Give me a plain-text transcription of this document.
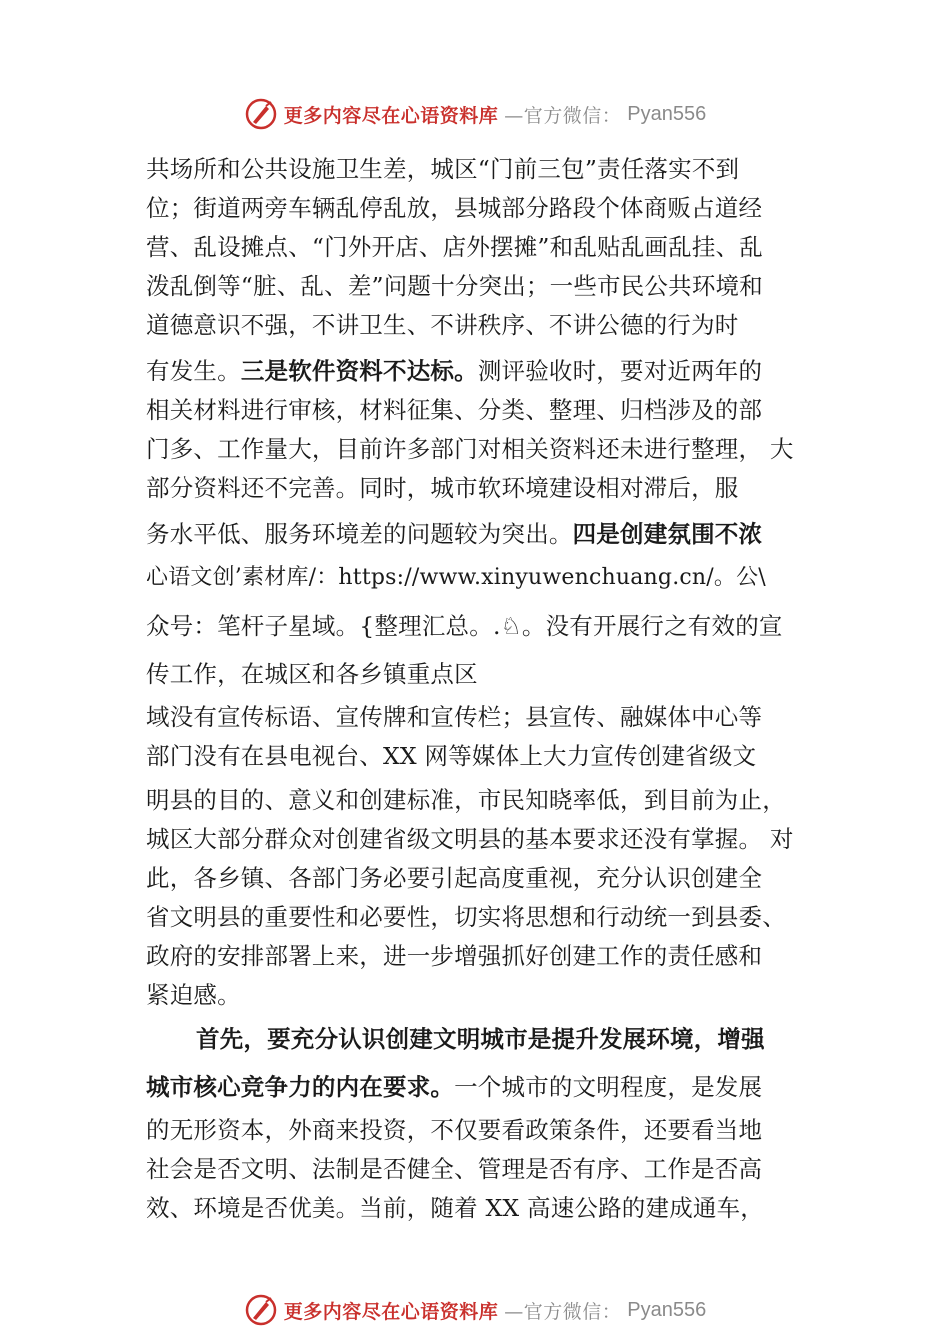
更多内容尽在心语资料库 —官方微信： Pyan556
共场所和公共设施卫生差，城区“门前三包”责任落实不到
位；街道两旁车辆乱停乱放，县城部分路段个体商贩占道经
营、乱设摊点、“门外开店、店外摆摊”和乱贴乱画乱挂、乱
泼乱倒等“脏、乱、差”问题十分突出；一些市民公共环境和
道德意识不强，不讲卫生、不讲秩序、不讲公德的行为时
有发生。三是软件资料不达标。测评验收时，要对近两年的
相关材料进行审核，材料征集、分类、整理、归档涉及的部
门多、工作量大，目前许多部门对相关资料还未进行整理， 大
部分资料还不完善。同时，城市软环境建设相对滞后，服
务水平低、服务环境差的问题较为突出。四是创建氛围不浓
心语文创’素材库/：https://www.xinyuwenchuang.cn/。公\
众号：笔杆子星域。{整理汇总。.♘。没有开展行之有效的宣
传工作，在城区和各乡镇重点区
域没有宣传标语、宣传牌和宣传栏；县宣传、融媒体中心等
部门没有在县电视台、XX 网等媒体上大力宣传创建省级文
明县的目的、意义和创建标准，市民知晓率低，到目前为止，
城区大部分群众对创建省级文明县的基本要求还没有掌握。 对
此，各乡镇、各部门务必要引起高度重视，充分认识创建全
省文明县的重要性和必要性，切实将思想和行动统一到县委、
政府的安排部署上来，进一步增强抓好创建工作的责任感和
紧迫感。
首先，要充分认识创建文明城市是提升发展环境，增强
城市核心竞争力的内在要求。一个城市的文明程度，是发展
的无形资本，外商来投资，不仅要看政策条件，还要看当地
社会是否文明、法制是否健全、管理是否有序、工作是否高
效、环境是否优美。当前，随着 XX 高速公路的建成通车，
更多内容尽在心语资料库 —官方微信： Pyan556
